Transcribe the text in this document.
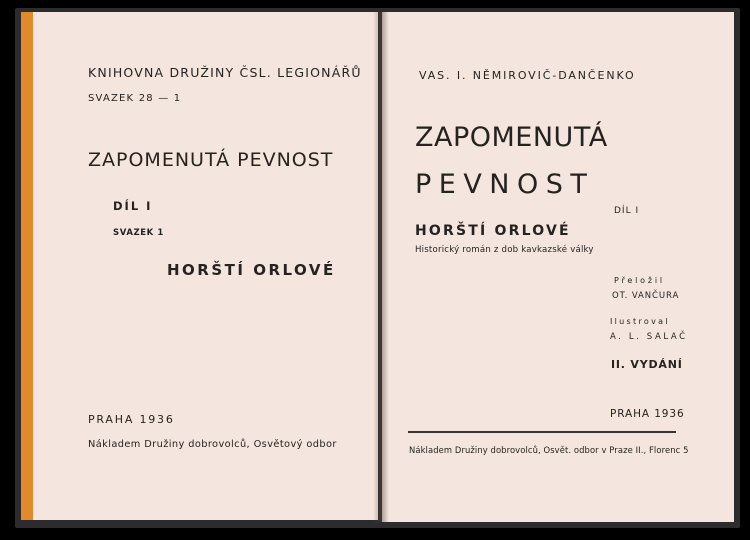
KNIHOVNA DRUŽINY ČSL. LEGIONÁŘŮ

SVAZEK 28 — 1

ZAPOMENUTÁ PEVNOST

DÍL I

SVAZEK 1

HORŠTÍ ORLOVÉ

PRAHA 1936

Nákladem Družiny dobrovolců, Osvětový odbor

VAS. I. NĚMIROVIČ-DANČENKO

ZAPOMENUTÁ

PEVNOST

DÍL I

HORŠTÍ ORLOVÉ

Historický román z dob kavkazské války

Přeložil

OT. VANČURA

Ilustroval

A. L. SALAČ

II. VYDÁNÍ

PRAHA 1936

Nákladem Družiny dobrovolců, Osvět. odbor v Praze II., Florenc 5
